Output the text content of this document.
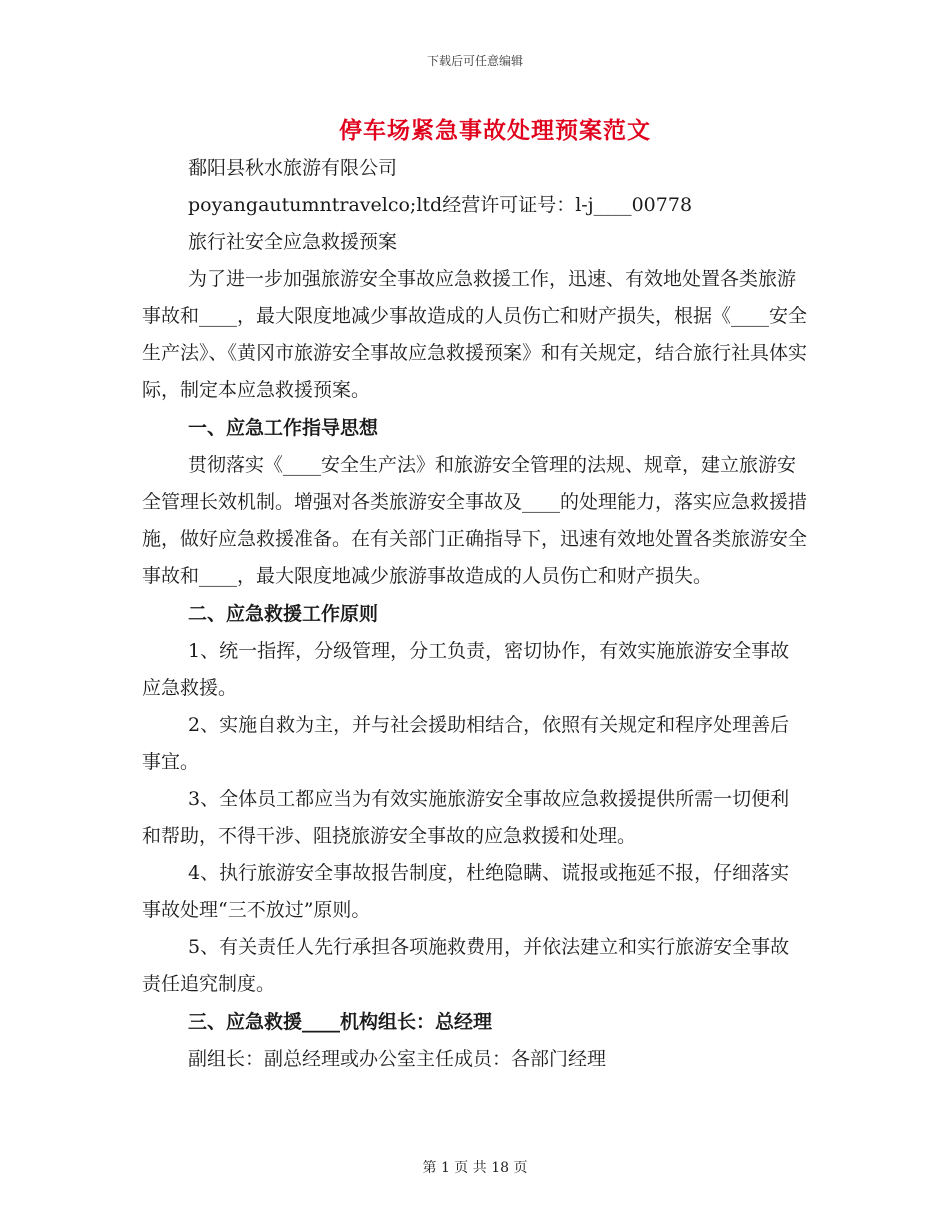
下载后可任意编辑
停车场紧急事故处理预案范文

鄱阳县秋水旅游有限公司

poyangautumntravelco;ltd经营许可证号：l-j____00778

旅行社安全应急救援预案

为了进一步加强旅游安全事故应急救援工作，迅速、有效地处置各类旅游事故和____，最大限度地减少事故造成的人员伤亡和财产损失，根据《____安全生产法》、《黄冈市旅游安全事故应急救援预案》和有关规定，结合旅行社具体实际，制定本应急救援预案。

一、应急工作指导思想

贯彻落实《____安全生产法》和旅游安全管理的法规、规章，建立旅游安全管理长效机制。增强对各类旅游安全事故及____的处理能力，落实应急救援措施，做好应急救援准备。在有关部门正确指导下，迅速有效地处置各类旅游安全事故和____，最大限度地减少旅游事故造成的人员伤亡和财产损失。

二、应急救援工作原则

1、统一指挥，分级管理，分工负责，密切协作，有效实施旅游安全事故应急救援。

2、实施自救为主，并与社会援助相结合，依照有关规定和程序处理善后事宜。

3、全体员工都应当为有效实施旅游安全事故应急救援提供所需一切便利和帮助，不得干涉、阻挠旅游安全事故的应急救援和处理。

4、执行旅游安全事故报告制度，杜绝隐瞒、谎报或拖延不报，仔细落实事故处理“三不放过”原则。

5、有关责任人先行承担各项施救费用，并依法建立和实行旅游安全事故责任追究制度。

三、应急救援____机构组长：总经理

副组长：副总经理或办公室主任成员：各部门经理

第 1 页 共 18 页
